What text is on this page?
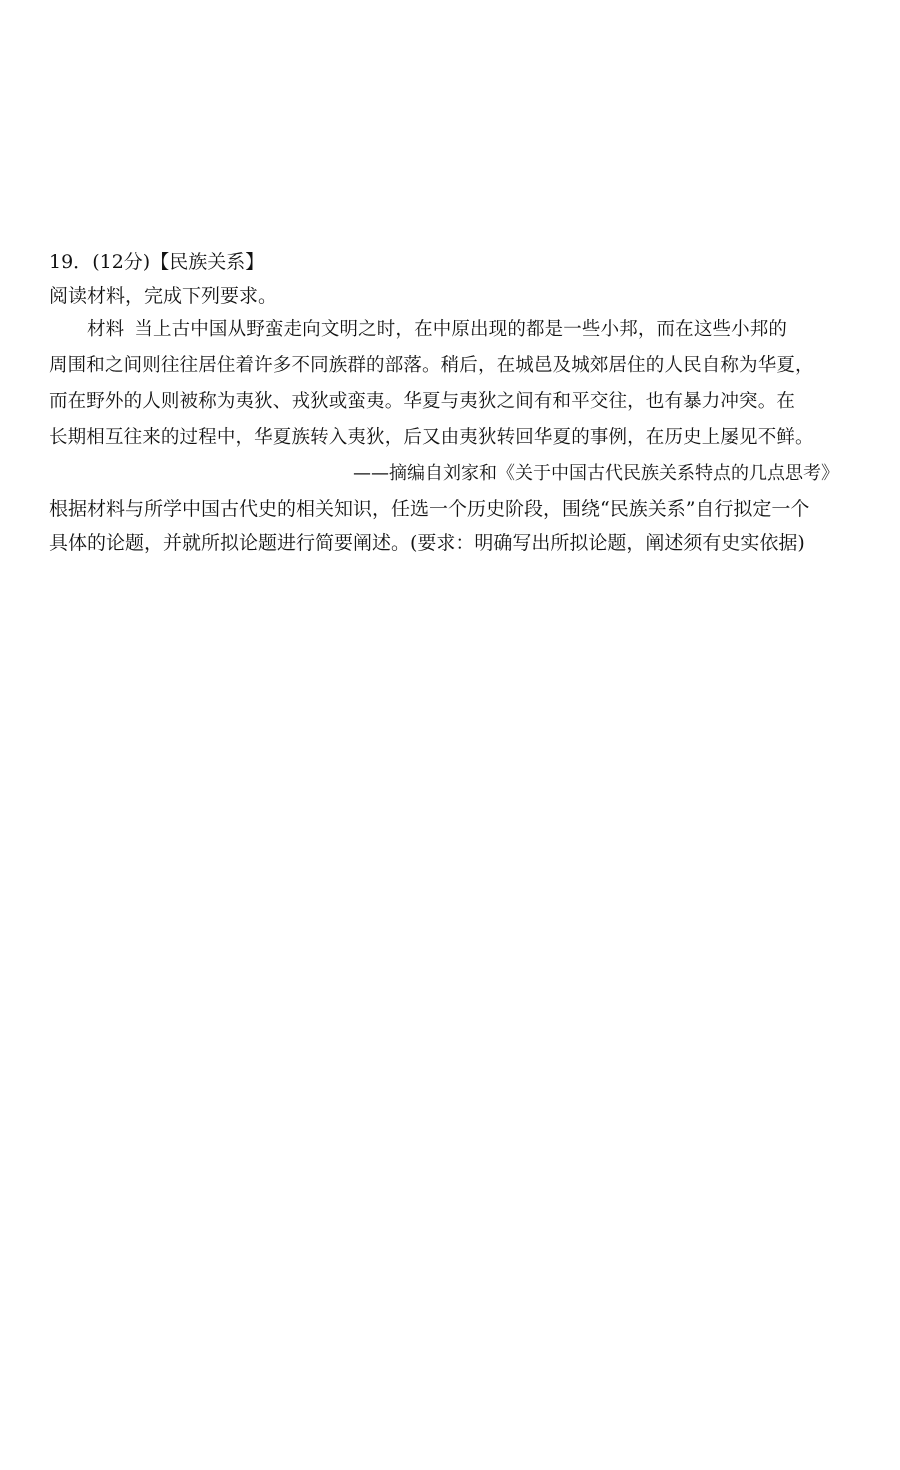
19．(12分)【民族关系】
阅读材料，完成下列要求。
材料 当上古中国从野蛮走向文明之时，在中原出现的都是一些小邦，而在这些小邦的
周围和之间则往往居住着许多不同族群的部落。稍后，在城邑及城郊居住的人民自称为华夏，
而在野外的人则被称为夷狄、戎狄或蛮夷。华夏与夷狄之间有和平交往，也有暴力冲突。在
长期相互往来的过程中，华夏族转入夷狄，后又由夷狄转回华夏的事例，在历史上屡见不鲜。
——摘编自刘家和《关于中国古代民族关系特点的几点思考》
根据材料与所学中国古代史的相关知识，任选一个历史阶段，围绕“民族关系”自行拟定一个
具体的论题，并就所拟论题进行简要阐述。(要求：明确写出所拟论题，阐述须有史实依据)
